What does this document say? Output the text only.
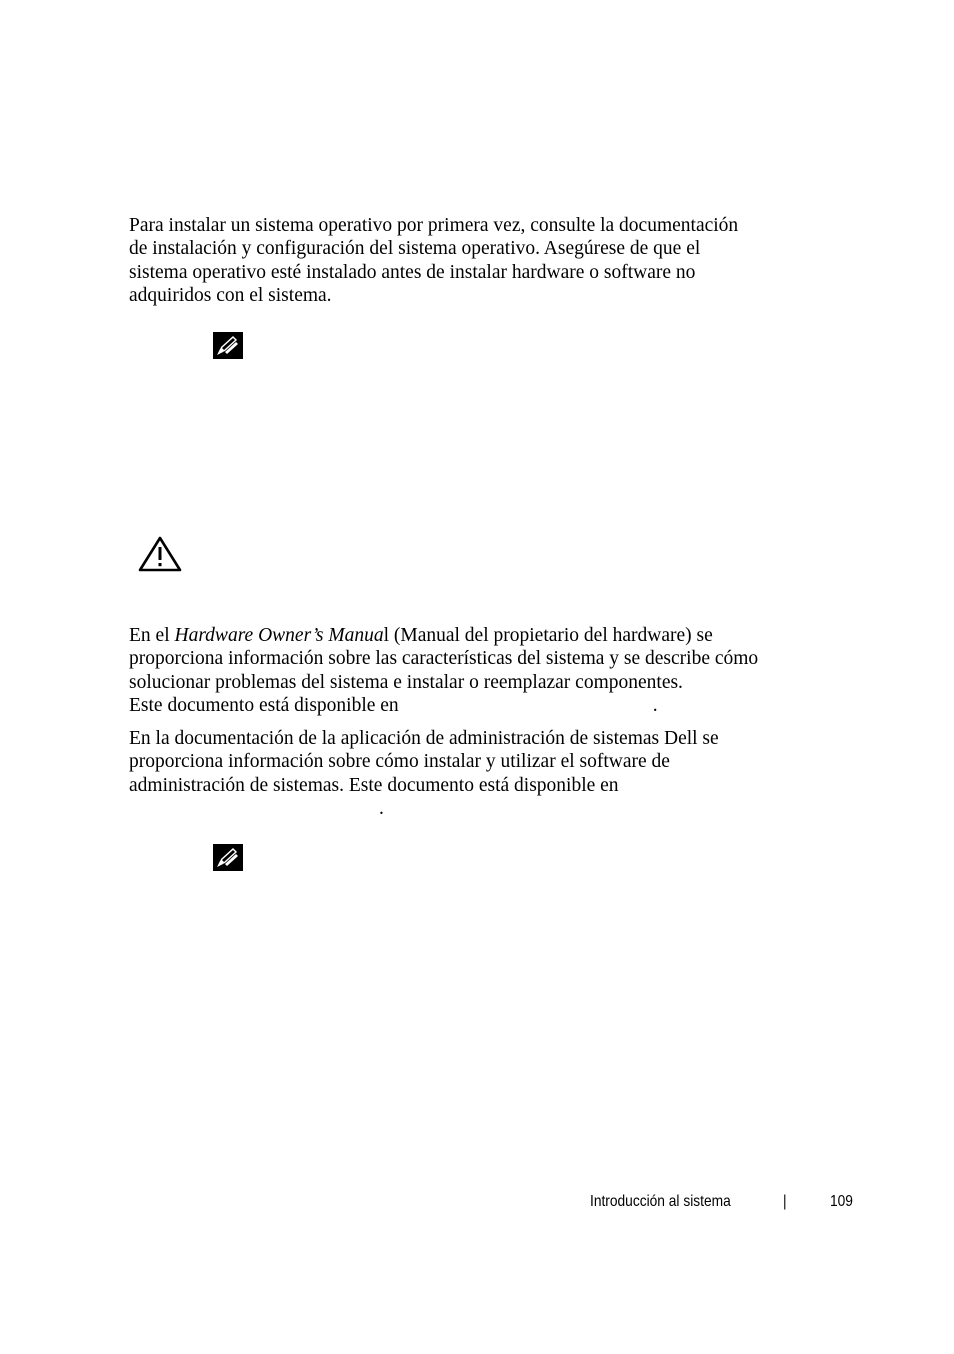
Para instalar un sistema operativo por primera vez, consulte la documentación
de instalación y configuración del sistema operativo. Asegúrese de que el
sistema operativo esté instalado antes de instalar hardware o software no
adquiridos con el sistema.

En el Hardware Owner’s Manual (Manual del propietario del hardware) se
proporciona información sobre las características del sistema y se describe cómo
solucionar problemas del sistema e instalar o reemplazar componentes.
Este documento está disponible en	.

En la documentación de la aplicación de administración de sistemas Dell se
proporciona información sobre cómo instalar y utilizar el software de
administración de sistemas. Este documento está disponible en
.

Introducción al sistema	|	109
